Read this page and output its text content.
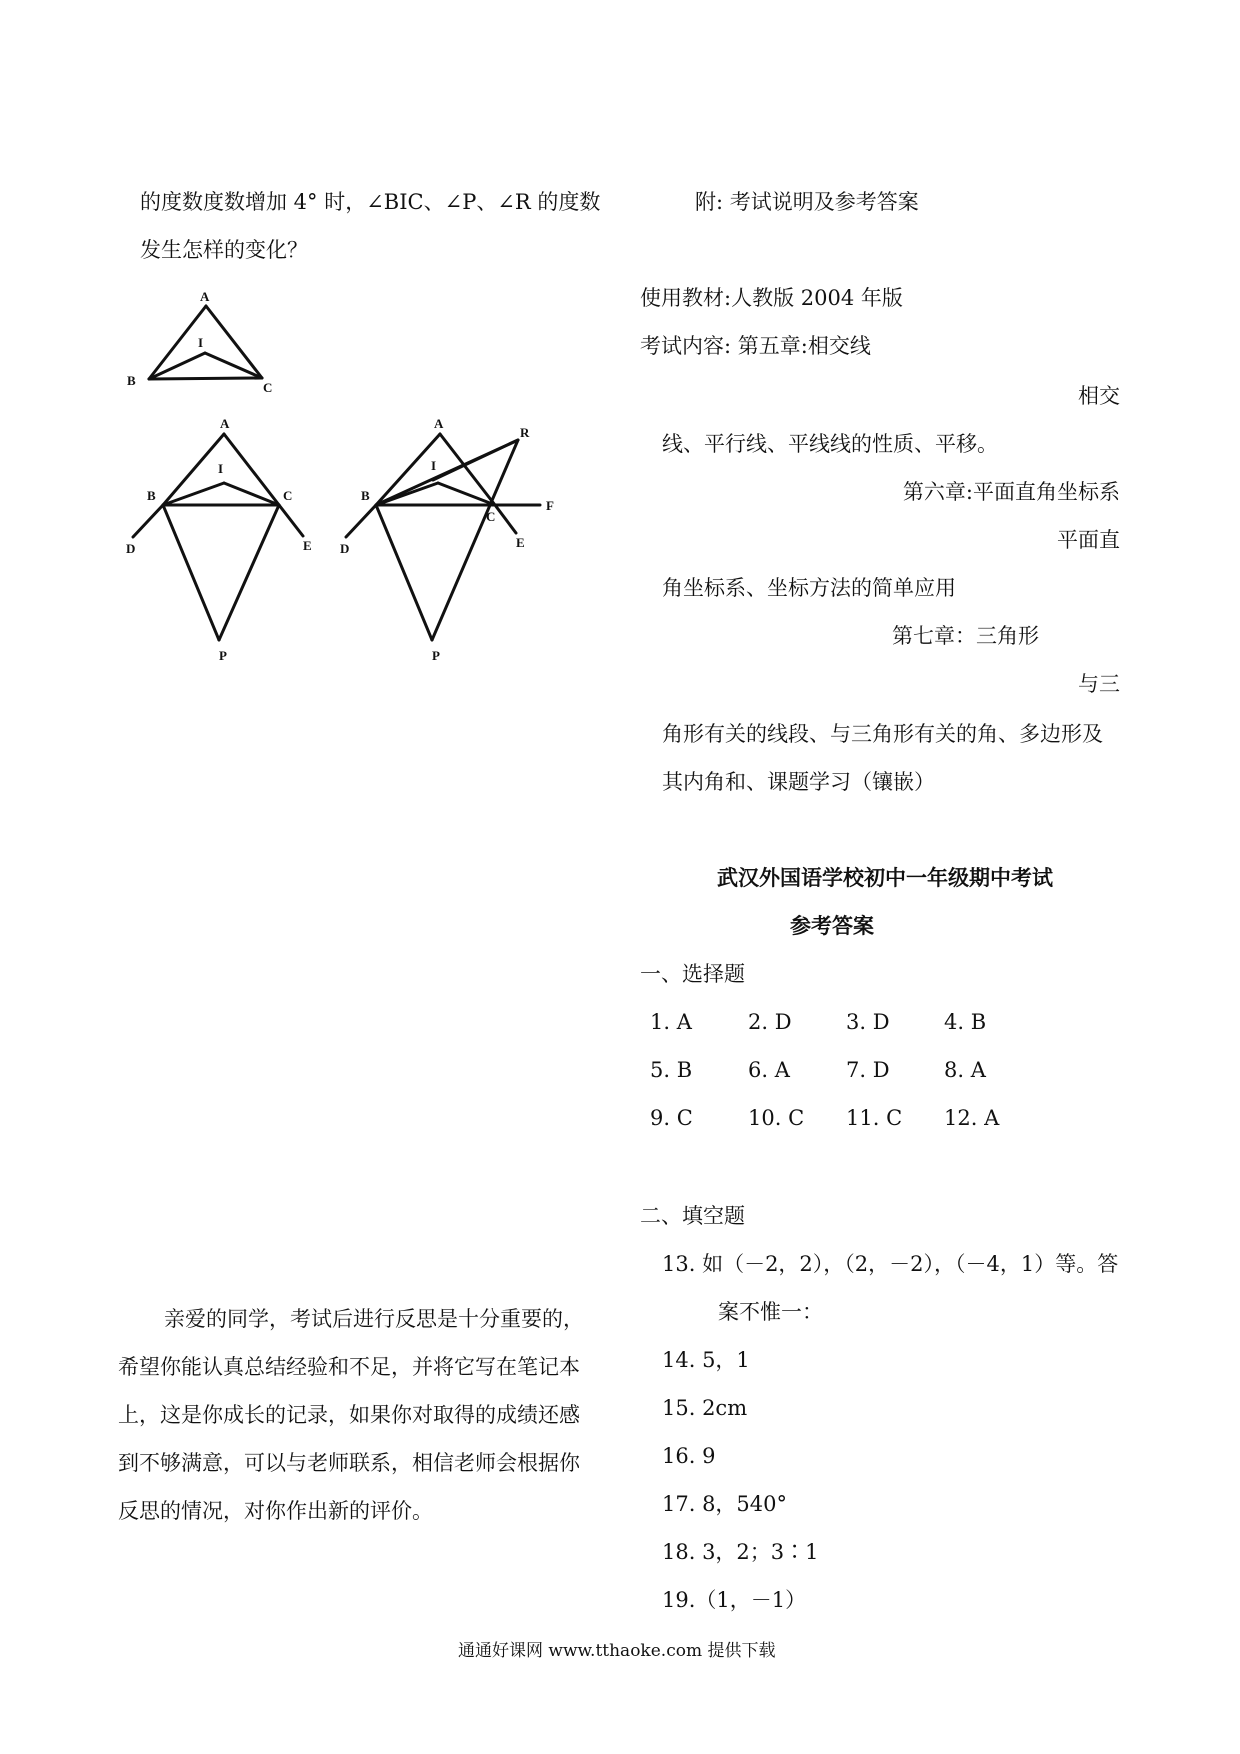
的度数度数增加 4° 时，∠BIC、∠P、∠R 的度数
发生怎样的变化？
A
B	C
I
A
B	C
I
D	E
P
A
B
C
I
D	E
P
R
F
亲爱的同学，考试后进行反思是十分重要的，
希望你能认真总结经验和不足，并将它写在笔记本
上，这是你成长的记录，如果你对取得的成绩还感
到不够满意，可以与老师联系，相信老师会根据你
反思的情况，对你作出新的评价。
附: 考试说明及参考答案
使用教材:人教版 2004 年版
考试内容: 第五章:相交线
相交
线、平行线、平线线的性质、平移。
第六章:平面直角坐标系
平面直
角坐标系、坐标方法的简单应用
第七章：三角形
与三
角形有关的线段、与三角形有关的角、多边形及
其内角和、课题学习（镶嵌）
武汉外国语学校初中一年级期中考试
参考答案
一、选择题
1. A	2. D	3. D	4. B
5. B	6. A	7. D	8. A
9. C	10. C 11. C 12. A
二、填空题
13. 如（－2，2），（2，－2），（－4，1）等。答
案不惟一：
14. 5，1
15. 2cm
16. 9
17. 8，540°
18. 3，2；3∶1
19.（1，－1）
通通好课网 www.tthaoke.com 提供下载
